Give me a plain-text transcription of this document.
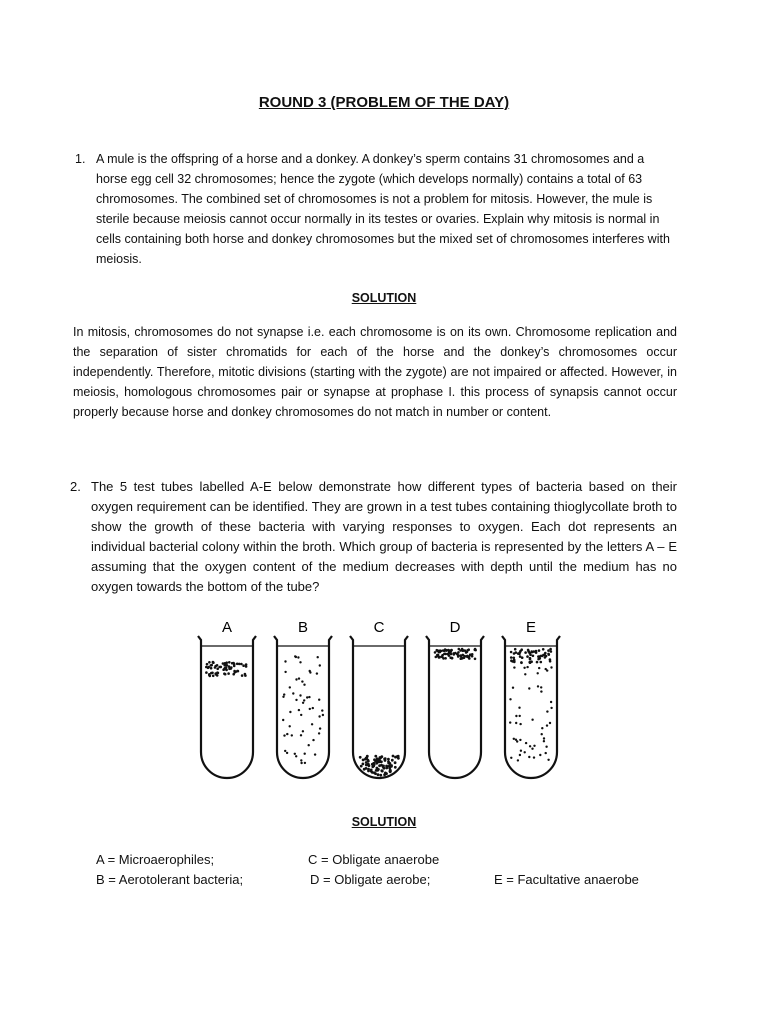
ROUND 3 (PROBLEM OF THE DAY)
1. A mule is the offspring of a horse and a donkey. A donkey’s sperm contains 31 chromosomes and a horse egg cell 32 chromosomes; hence the zygote (which develops normally) contains a total of 63 chromosomes. The combined set of chromosomes is not a problem for mitosis. However, the mule is sterile because meiosis cannot occur normally in its testes or ovaries. Explain why mitosis is normal in cells containing both horse and donkey chromosomes but the mixed set of chromosomes interferes with meiosis.

SOLUTION

In mitosis, chromosomes do not synapse i.e. each chromosome is on its own. Chromosome replication and the separation of sister chromatids for each of the horse and the donkey’s chromosomes occur independently. Therefore, mitotic divisions (starting with the zygote) are not impaired or affected. However, in meiosis, homologous chromosomes pair or synapse at prophase I. this process of synapsis cannot occur properly because horse and donkey chromosomes do not match in number or content.

2. The 5 test tubes labelled A-E below demonstrate how different types of bacteria based on their oxygen requirement can be identified. They are grown in a test tubes containing thioglycollate broth to show the growth of these bacteria with varying responses to oxygen. Each dot represents an individual bacterial colony within the broth. Which group of bacteria is represented by the letters A – E assuming that the oxygen content of the medium decreases with depth until the medium has no oxygen towards the bottom of the tube?

A	B	C	D	E
SOLUTION
A = Microaerophiles;
B = Aerotolerant bacteria;
C = Obligate anaerobe
D = Obligate aerobe;	E = Facultative anaerobe
